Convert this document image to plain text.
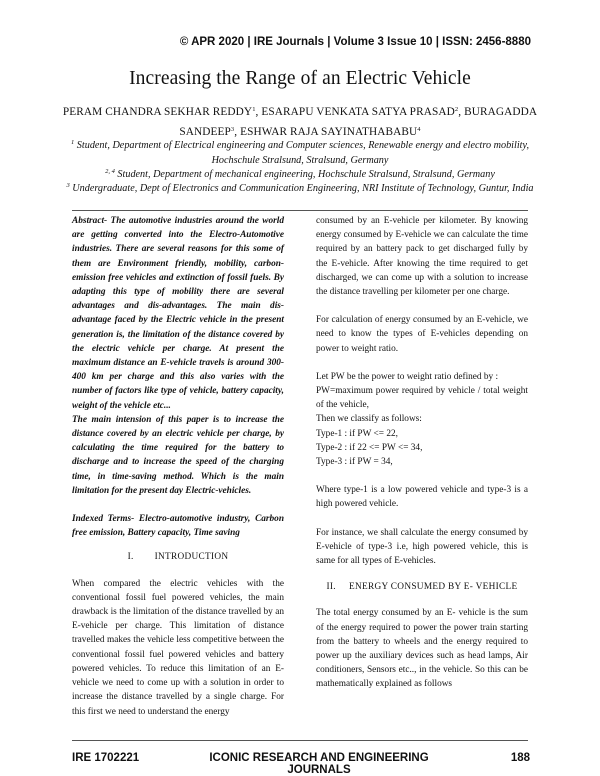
© APR 2020 | IRE Journals | Volume 3 Issue 10 | ISSN: 2456-8880
Increasing the Range of an Electric Vehicle
PERAM CHANDRA SEKHAR REDDY$^1$, ESARAPU VENKATA SATYA PRASAD$^2$, BURAGADDA
SANDEEP$^3$, ESHWAR RAJA SAYINATHABABU$^4$
$^1$ Student, Department of Electrical engineering and Computer sciences, Renewable energy and electro mobility, Hochschule Stralsund, Stralsund, Germany
$^{2, 4}$ Student, Department of mechanical engineering, Hochschule Stralsund, Stralsund, Germany
$^3$ Undergraduate, Dept of Electronics and Communication Engineering, NRI Institute of Technology, Guntur, India

Abstract- The automotive industries around the world are getting converted into the Electro-Automotive industries. There are several reasons for this some of them are Environment friendly, mobility, carbon-emission free vehicles and extinction of fossil fuels. By adapting this type of mobility there are several advantages and dis-advantages. The main dis-advantage faced by the Electric vehicle in the present generation is, the limitation of the distance covered by the electric vehicle per charge. At present the maximum distance an E-vehicle travels is around 300-400 km per charge and this also varies with the number of factors like type of vehicle, battery capacity, weight of the vehicle etc...

The main intension of this paper is to increase the distance covered by an electric vehicle per charge, by calculating the time required for the battery to discharge and to increase the speed of the charging time, in time-saving method. Which is the main limitation for the present day Electric-vehicles.

Indexed Terms- Electro-automotive industry, Carbon free emission, Battery capacity, Time saving

I. INTRODUCTION

When compared the electric vehicles with the conventional fossil fuel powered vehicles, the main drawback is the limitation of the distance travelled by an E-vehicle per charge. This limitation of distance travelled makes the vehicle less competitive between the conventional fossil fuel powered vehicles and battery powered vehicles. To reduce this limitation of an E-vehicle we need to come up with a solution in order to increase the distance travelled by a single charge. For this first we need to understand the energy

consumed by an E-vehicle per kilometer. By knowing energy consumed by E-vehicle we can calculate the time required by an battery pack to get discharged fully by the E-vehicle. After knowing the time required to get discharged, we can come up with a solution to increase the distance travelling per kilometer per one charge.

For calculation of energy consumed by an E-vehicle, we need to know the types of E-vehicles depending on power to weight ratio.

Let PW be the power to weight ratio defined by :

PW=maximum power required by vehicle / total weight of the vehicle,

Then we classify as follows:

Type-1 : if PW <= 22,

Type-2 : if 22 <= PW <= 34,

Type-3 : if PW = 34,

Where type-1 is a low powered vehicle and type-3 is a high powered vehicle.

For instance, we shall calculate the energy consumed by E-vehicle of type-3 i.e, high powered vehicle, this is same for all types of E-vehicles.

II. ENERGY CONSUMED BY E- VEHICLE

The total energy consumed by an E- vehicle is the sum of the energy required to power the power train starting from the battery to wheels and the energy required to power up the auxiliary devices such as head lamps, Air conditioners, Sensors etc.., in the vehicle. So this can be mathematically explained as follows

IRE 1702221	ICONIC RESEARCH AND ENGINEERING JOURNALS
188
